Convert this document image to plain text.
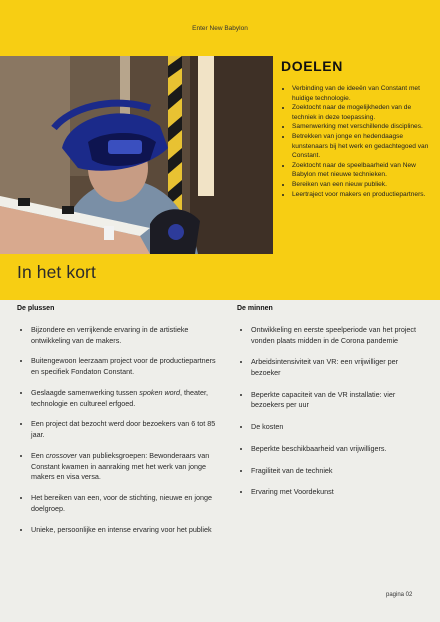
Enter New Babylon
DOELEN
• Verbinding van de ideeën van Constant met huidige technologie.
• Zoektocht naar de mogelijkheden van de techniek in deze toepassing.
• Samenwerking met verschillende disciplines.
• Betrekken van jonge en hedendaagse kunstenaars bij het werk en gedachtegoed van Constant.
• Zoektocht naar de speelbaarheid van New Babylon met nieuwe technieken.
• Bereiken van een nieuw publiek.
• Leertraject voor makers en productiepartners.
In het kort
De plussen
• Bijzondere en verrijkende ervaring in de artistieke ontwikkeling van de makers.
• Buitengewoon leerzaam project voor de productiepartners en specifiek Fondaton Constant.
• Geslaagde samenwerking tussen spoken word, theater, technologie en cultureel erfgoed.
• Een project dat bezocht werd door bezoekers van 6 tot 85 jaar.
• Een crossover van publieksgroepen: Bewonderaars van Constant kwamen in aanraking met het werk van jonge makers en visa versa.
• Het bereiken van een, voor de stichting, nieuwe en jonge doelgroep.
• Unieke, persoonlijke en intense ervaring voor het publiek
De minnen
• Ontwikkeling en eerste speelperiode van het project vonden plaats midden in de Corona pandemie
• Arbeidsintensiviteit van VR: een vrijwilliger per bezoeker
• Beperkte capaciteit van de VR installatie: vier bezoekers per uur
• De kosten
• Beperkte beschikbaarheid van vrijwilligers.
• Fragiliteit van de techniek
• Ervaring met Voordekunst
pagina 02
